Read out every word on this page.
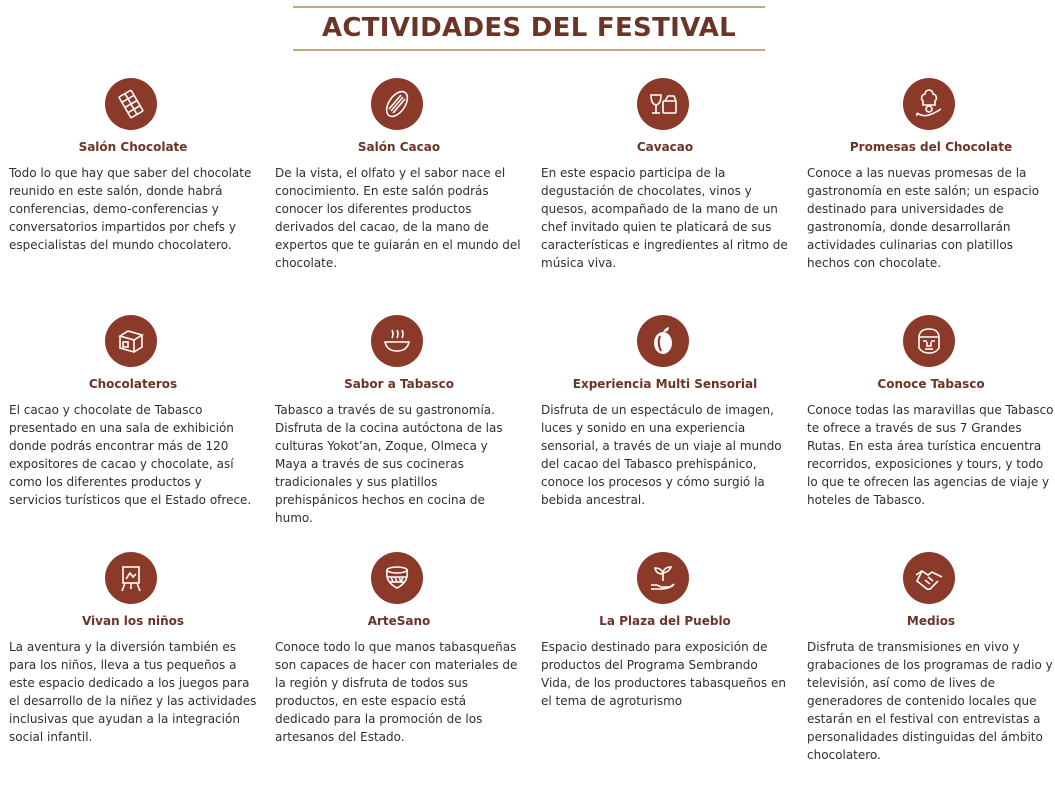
ACTIVIDADES DEL FESTIVAL
Salón Chocolate

Todo lo que hay que saber del chocolate reunido en este salón, donde habrá conferencias, demo-conferencias y conversatorios impartidos por chefs y especialistas del mundo chocolatero.

Salón Cacao

De la vista, el olfato y el sabor nace el conocimiento. En este salón podrás conocer los diferentes productos derivados del cacao, de la mano de expertos que te guiarán en el mundo del chocolate.

Cavacao

En este espacio participa de la degustación de chocolates, vinos y quesos, acompañado de la mano de un chef invitado quien te platicará de sus características e ingredientes al ritmo de música viva.

Promesas del Chocolate

Conoce a las nuevas promesas de la gastronomía en este salón; un espacio destinado para universidades de gastronomía, donde desarrollarán actividades culinarias con platillos hechos con chocolate.

Chocolateros

El cacao y chocolate de Tabasco presentado en una sala de exhibición donde podrás encontrar más de 120 expositores de cacao y chocolate, así como los diferentes productos y servicios turísticos que el Estado ofrece.

Sabor a Tabasco

Tabasco a través de su gastronomía. Disfruta de la cocina autóctona de las culturas Yokot’an, Zoque, Olmeca y Maya a través de sus cocineras tradicionales y sus platillos prehispánicos hechos en cocina de humo.

Experiencia Multi Sensorial

Disfruta de un espectáculo de imagen, luces y sonido en una experiencia sensorial, a través de un viaje al mundo del cacao del Tabasco prehispánico, conoce los procesos y cómo surgió la bebida ancestral.

Conoce Tabasco

Conoce todas las maravillas que Tabasco te ofrece a través de sus 7 Grandes Rutas. En esta área turística encuentra recorridos, exposiciones y tours, y todo lo que te ofrecen las agencias de viaje y hoteles de Tabasco.

Vivan los niños

La aventura y la diversión también es para los niños, lleva a tus pequeños a este espacio dedicado a los juegos para el desarrollo de la niñez y las actividades inclusivas que ayudan a la integración social infantil.

ArteSano

Conoce todo lo que manos tabasqueñas son capaces de hacer con materiales de la región y disfruta de todos sus productos, en este espacio está dedicado para la promoción de los artesanos del Estado.

La Plaza del Pueblo

Espacio destinado para exposición de productos del Programa Sembrando Vida, de los productores tabasqueños en el tema de agroturismo

Medios

Disfruta de transmisiones en vivo y grabaciones de los programas de radio y televisión, así como de lives de generadores de contenido locales que estarán en el festival con entrevistas a personalidades distinguidas del ámbito chocolatero.
